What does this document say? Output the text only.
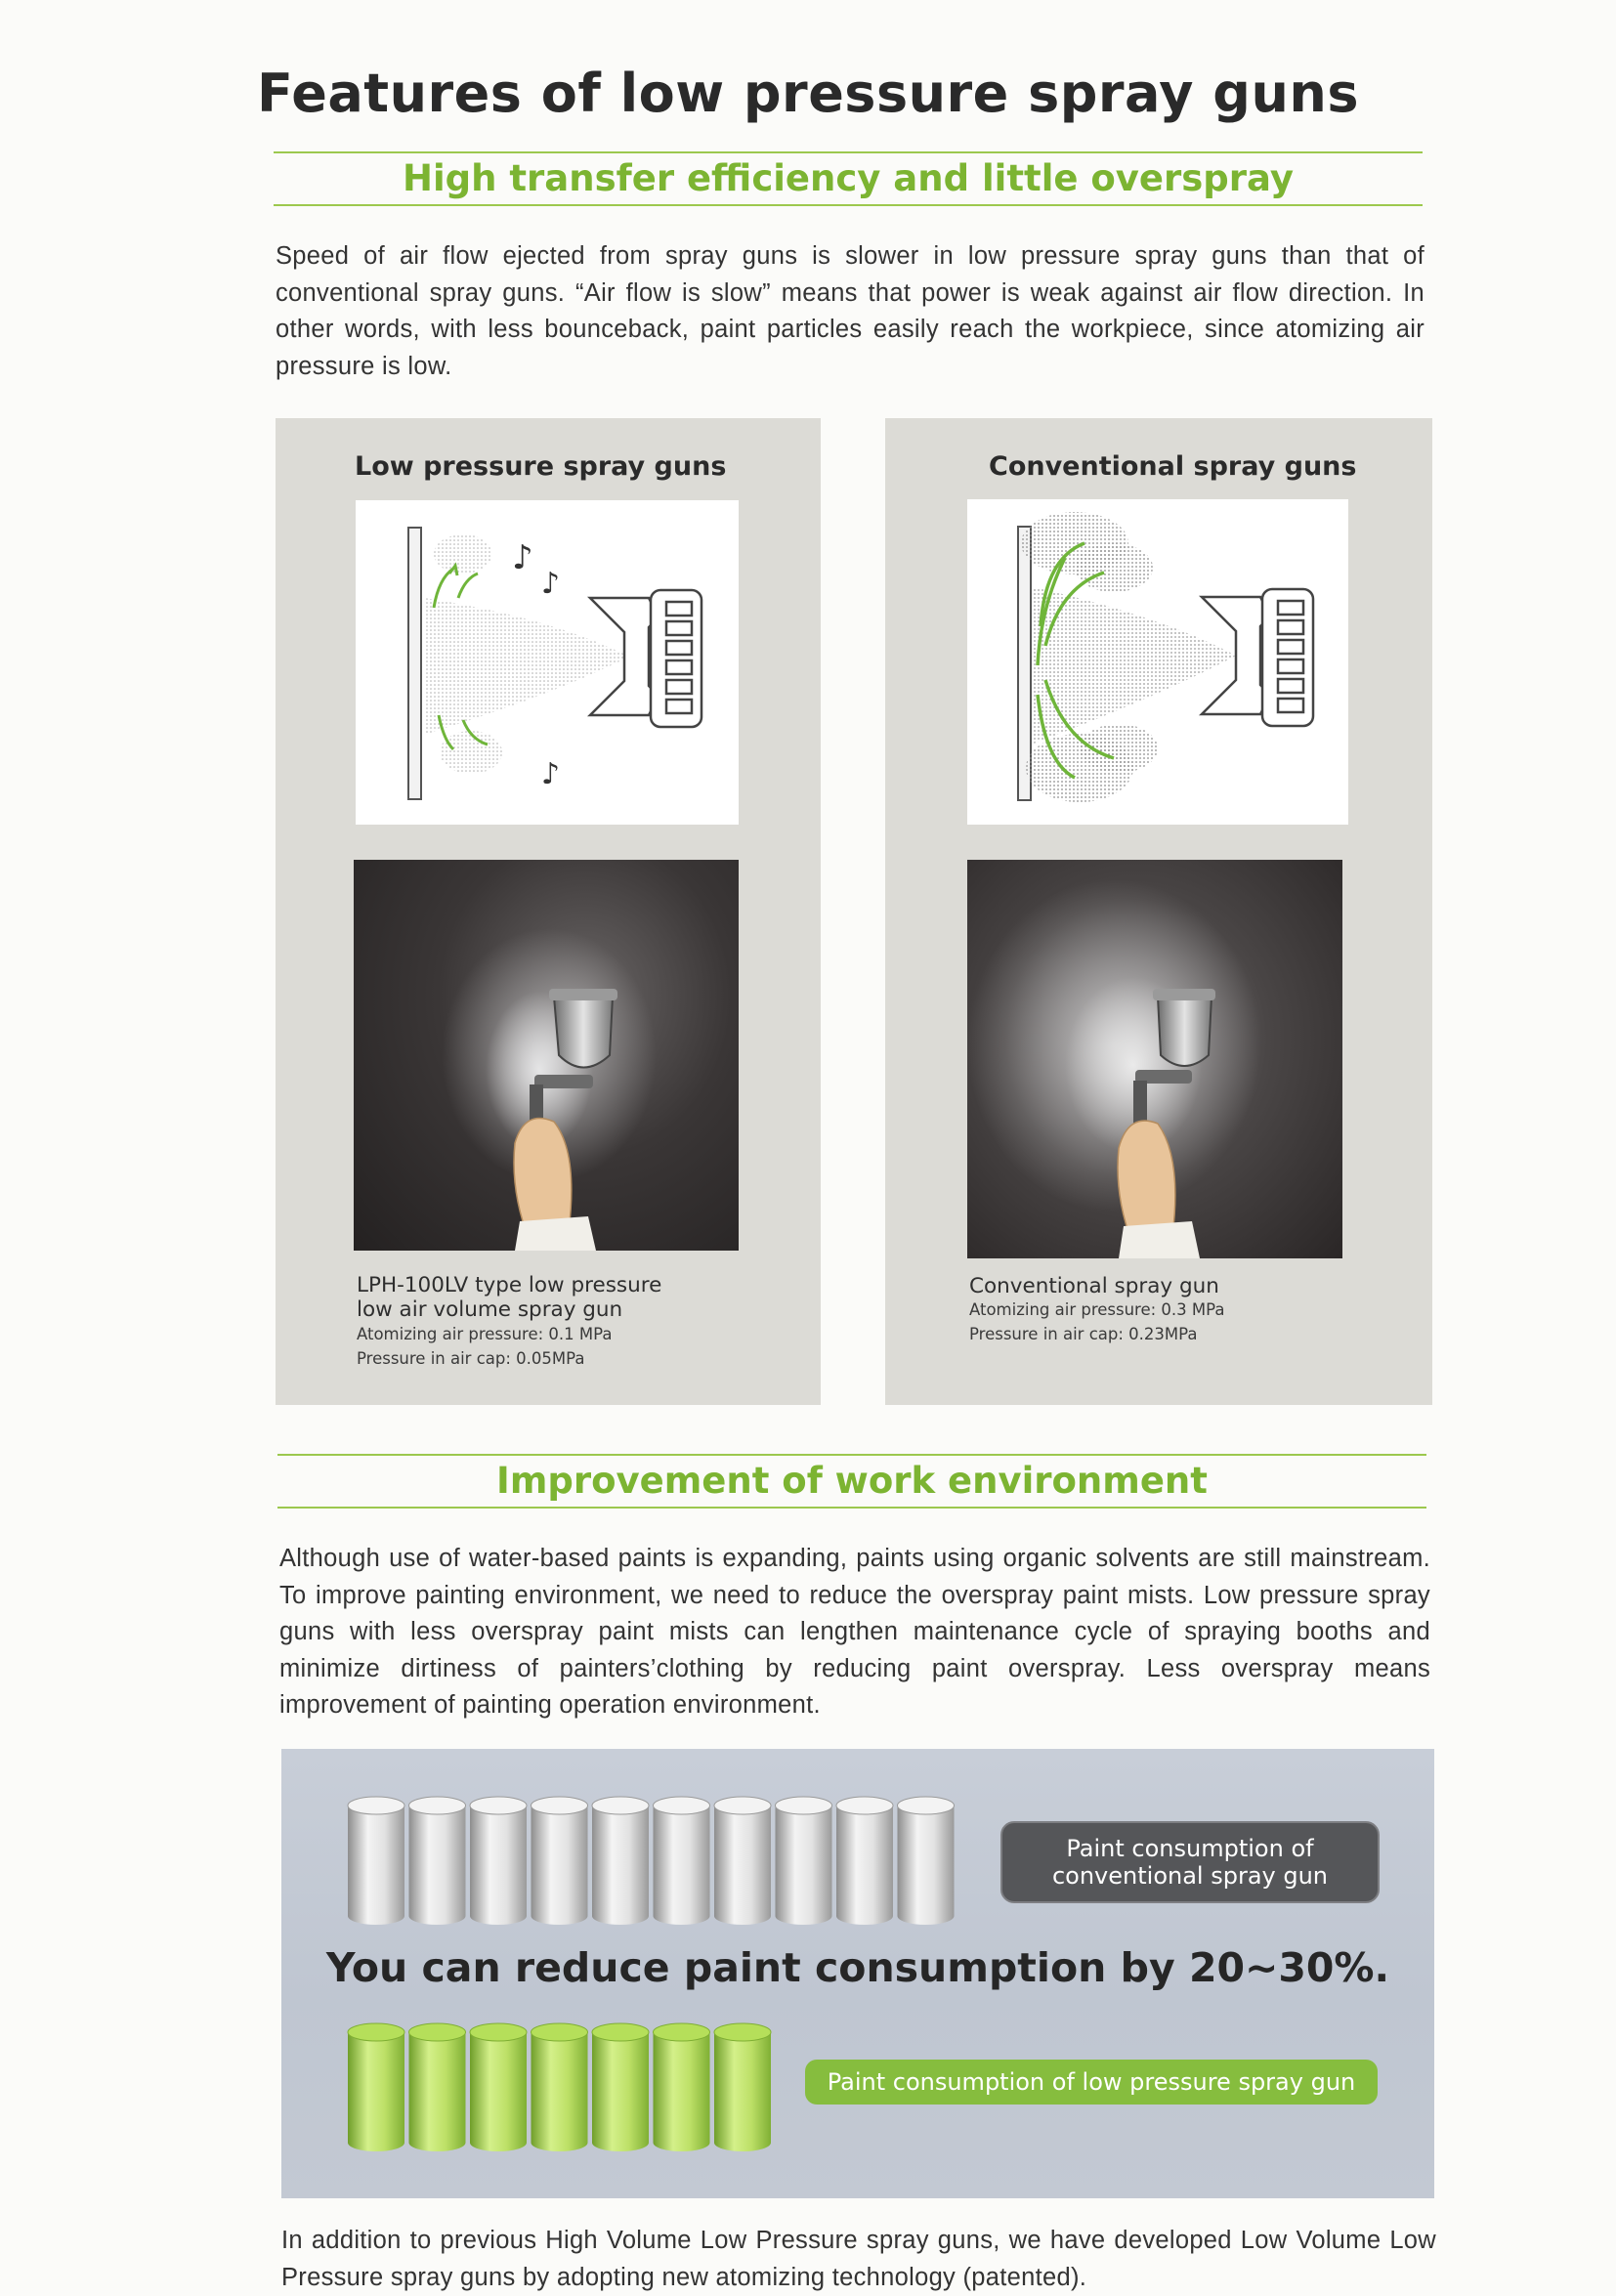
Features of low pressure spray guns
High transfer efficiency and little overspray
Speed of air flow ejected from spray guns is slower in low pressure spray guns than that of conventional spray guns. “Air flow is slow” means that power is weak against air flow direction. In other words, with less bounceback, paint particles easily reach the workpiece, since atomizing air pressure is low.
Low pressure spray guns
♪
♪
♪
LPH-100LV type low pressure
low air volume spray gun
Atomizing air pressure: 0.1 MPa
Pressure in air cap: 0.05MPa
Conventional spray guns
Conventional spray gun
Atomizing air pressure: 0.3 MPa
Pressure in air cap: 0.23MPa
Improvement of work environment
Although use of water-based paints is expanding, paints using organic solvents are still mainstream. To improve painting environment, we need to reduce the overspray paint mists. Low pressure spray guns with less overspray paint mists can lengthen maintenance cycle of spraying booths and minimize dirtiness of painters’clothing by reducing paint overspray. Less overspray means improvement of painting operation environment.
Paint consumption of conventional spray gun
You can reduce paint consumption by 20~30%.
Paint consumption of low pressure spray gun
In addition to previous High Volume Low Pressure spray guns, we have developed Low Volume Low Pressure spray guns by adopting new atomizing technology (patented).
